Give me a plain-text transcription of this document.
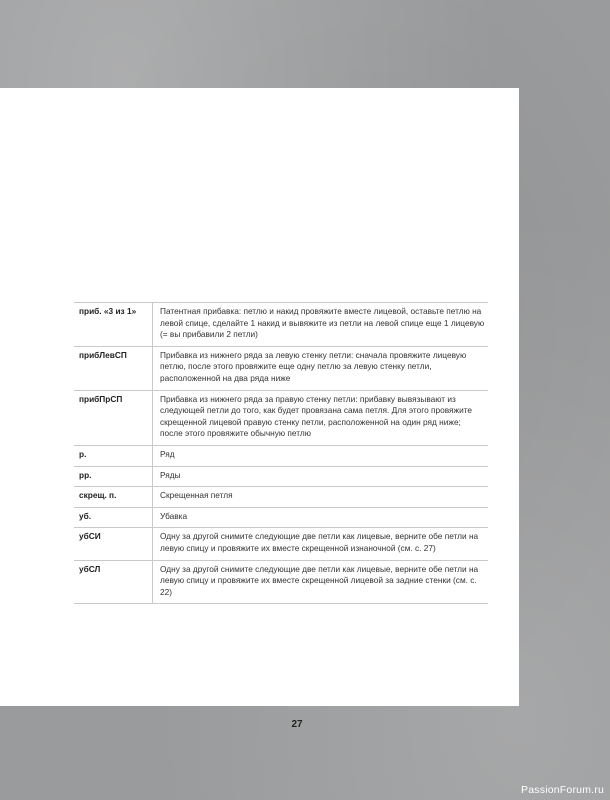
приб. «3 из 1»	Патентная прибавка: петлю и накид провяжите вместе лицевой, оставьте петлю на левой спице, сделайте 1 накид и вывяжите из петли на левой спице еще 1 лицевую (= вы прибавили 2 петли)
прибЛевСП	Прибавка из нижнего ряда за левую стенку петли: сначала провяжите лицевую петлю, после этого провяжите еще одну петлю за левую стенку петли, расположенной на два ряда ниже
прибПрСП	Прибавка из нижнего ряда за правую стенку петли: прибавку вывязывают из следующей петли до того, как будет провязана сама петля. Для этого провяжите скрещенной лицевой правую стенку петли, расположенной на один ряд ниже; после этого провяжите обычную петлю
р.	Ряд
рр.	Ряды
скрещ. п.	Скрещенная петля
уб.	Убавка
убСИ	Одну за другой снимите следующие две петли как лицевые, верните обе петли на левую спицу и провяжите их вместе скрещенной изнаночной (см. с. 27)
убСЛ	Одну за другой снимите следующие две петли как лицевые, верните обе петли на левую спицу и провяжите их вместе скрещенной лицевой за задние стенки (см. с. 22)
27
PassionForum.ru
